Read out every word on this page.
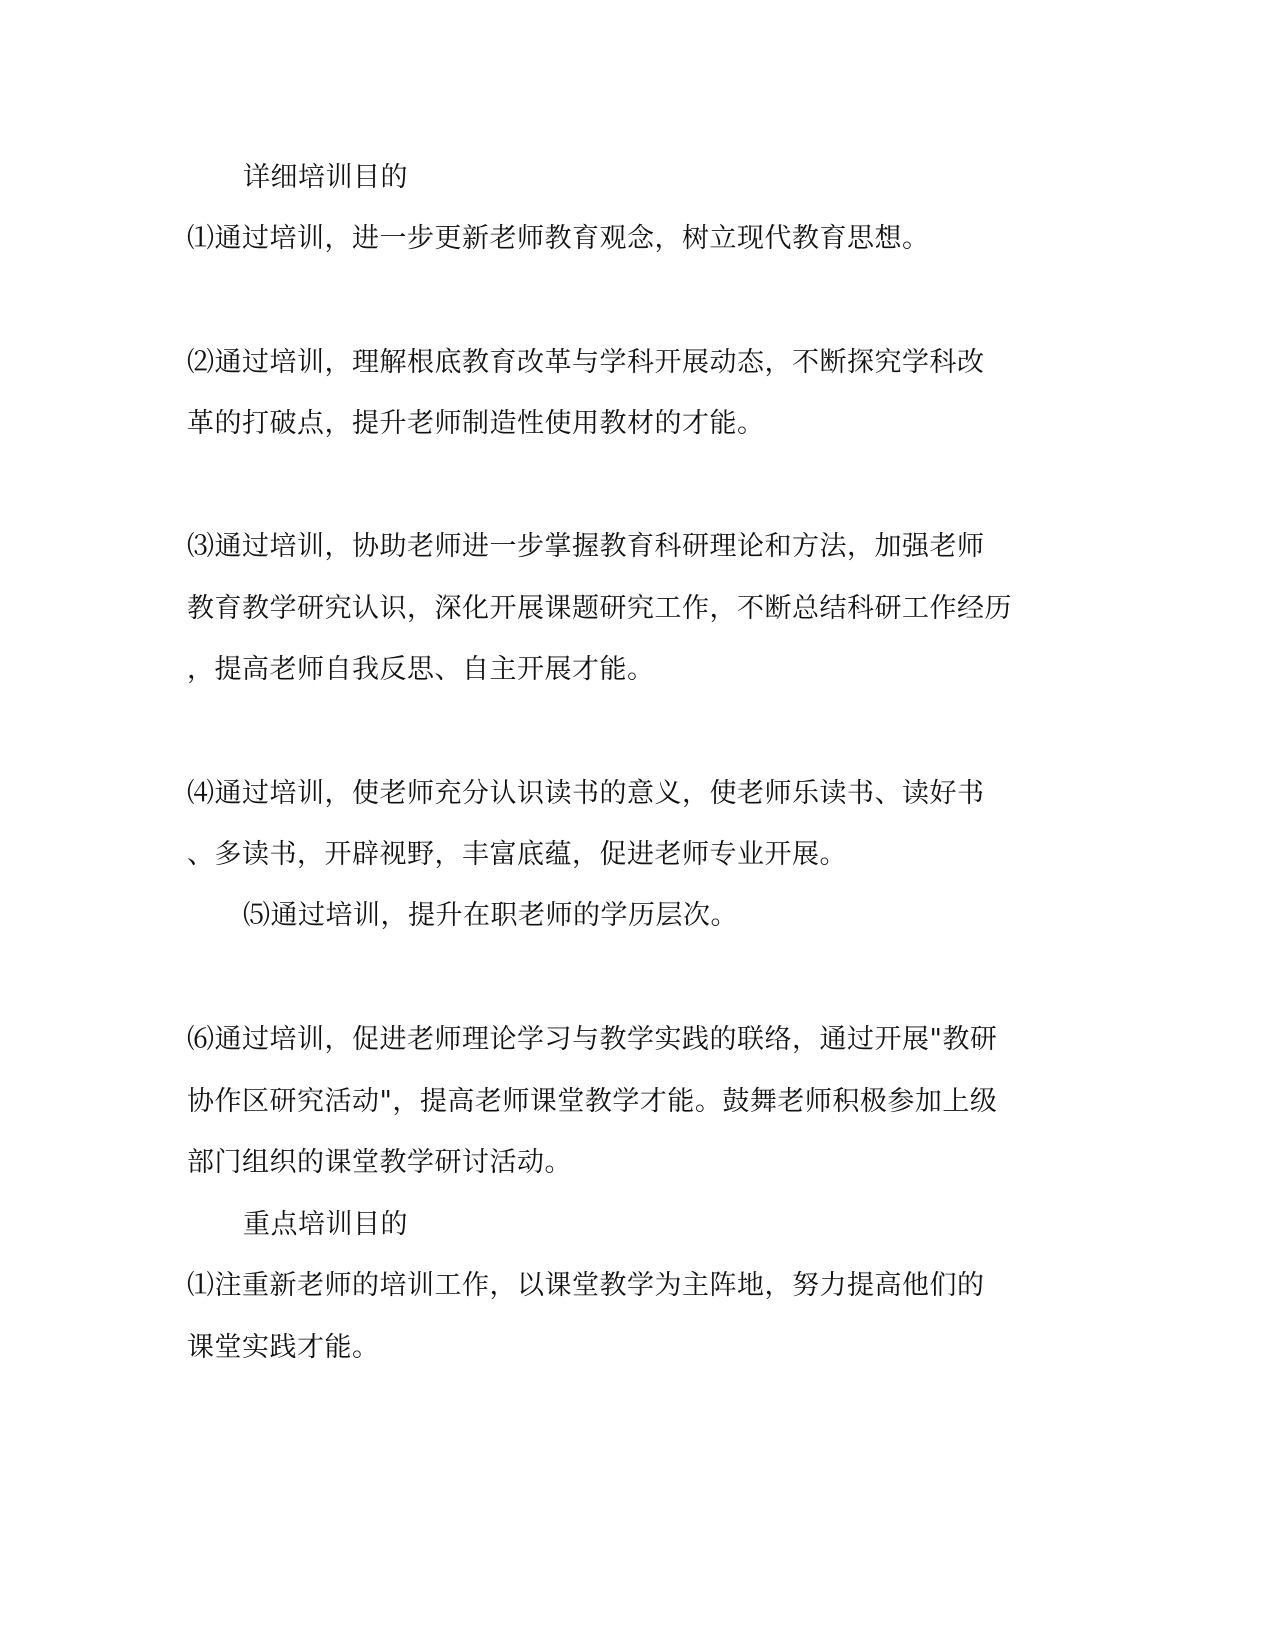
详细培训目的
⑴通过培训，进一步更新老师教育观念，树立现代教育思想。
⑵通过培训，理解根底教育改革与学科开展动态，不断探究学科改
革的打破点，提升老师制造性使用教材的才能。
⑶通过培训，协助老师进一步掌握教育科研理论和方法，加强老师
教育教学研究认识，深化开展课题研究工作，不断总结科研工作经历
，提高老师自我反思、自主开展才能。
⑷通过培训，使老师充分认识读书的意义，使老师乐读书、读好书
、多读书，开辟视野，丰富底蕴，促进老师专业开展。
⑸通过培训，提升在职老师的学历层次。
⑹通过培训，促进老师理论学习与教学实践的联络，通过开展"教研
协作区研究活动"，提高老师课堂教学才能。鼓舞老师积极参加上级
部门组织的课堂教学研讨活动。
重点培训目的
⑴注重新老师的培训工作，以课堂教学为主阵地，努力提高他们的
课堂实践才能。
